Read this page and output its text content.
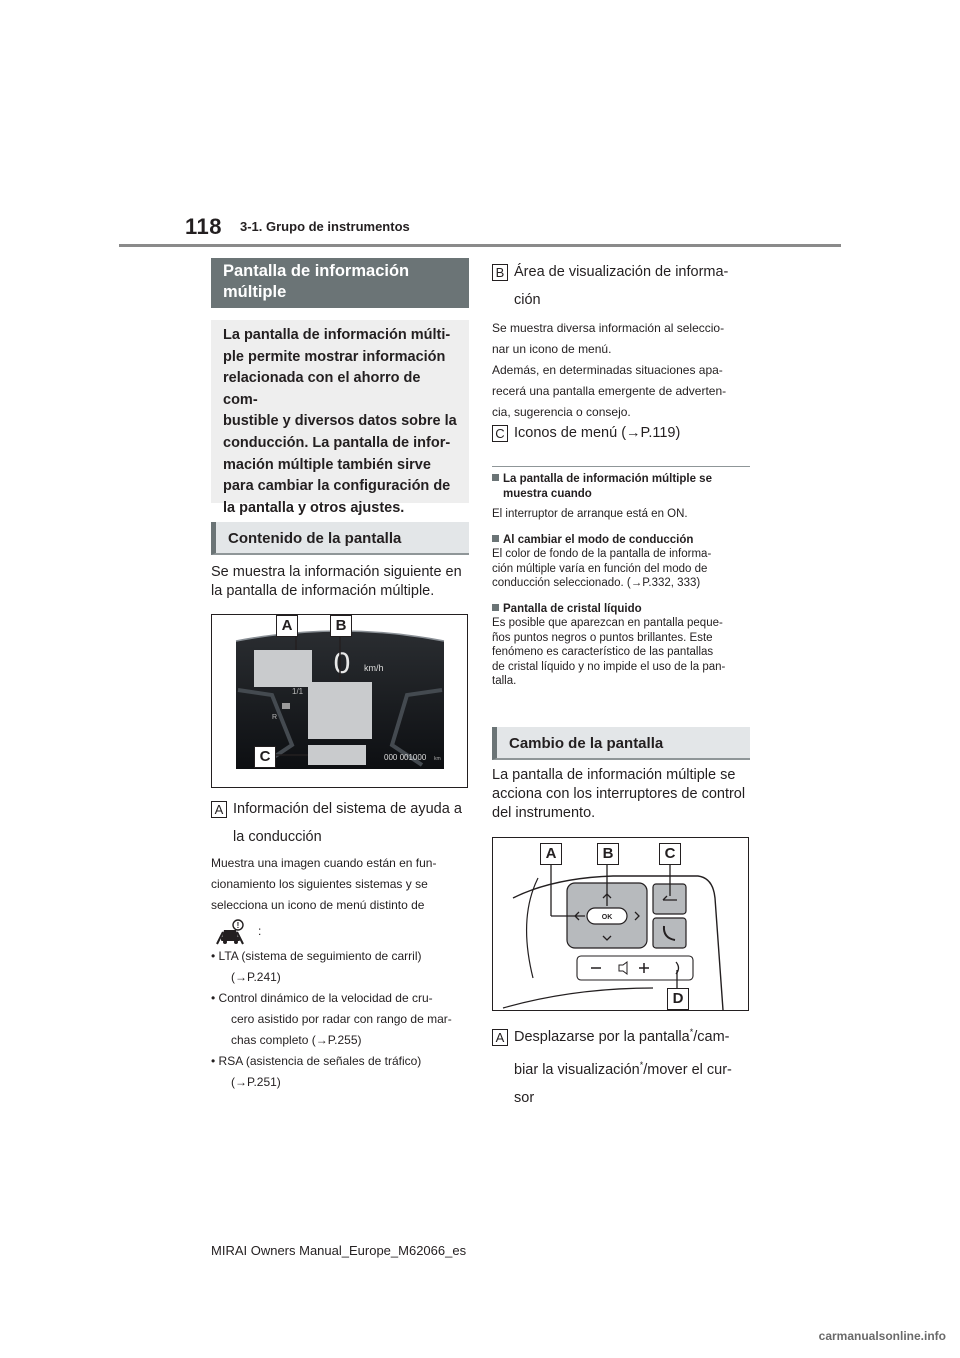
118 3-1. Grupo de instrumentos
Pantalla de información múltiple
La pantalla de información múlti-
ple permite mostrar información
relacionada con el ahorro de com-
bustible y diversos datos sobre la
conducción. La pantalla de infor-
mación múltiple también sirve
para cambiar la configuración de
la pantalla y otros ajustes.
Contenido de la pantalla
Se muestra la información siguiente en
la pantalla de información múltiple.
0 km/h
1/1
R
000 001000 km
A	B
C
A Información del sistema de ayuda a
la conducción
Muestra una imagen cuando están en fun-
cionamiento los siguientes sistemas y se
selecciona un icono de menú distinto de
! :
• LTA (sistema de seguimiento de carril)
(→P.241)
• Control dinámico de la velocidad de cru-
cero asistido por radar con rango de mar-
chas completo (→P.255)
• RSA (asistencia de señales de tráfico)
(→P.251)
B Área de visualización de informa-
ción
Se muestra diversa información al seleccio-
nar un icono de menú.
Además, en determinadas situaciones apa-
recerá una pantalla emergente de adverten-
cia, sugerencia o consejo.
C Iconos de menú (→P.119)
La pantalla de información múltiple se
muestra cuando
El interruptor de arranque está en ON.
Al cambiar el modo de conducción
El color de fondo de la pantalla de informa-
ción múltiple varía en función del modo de
conducción seleccionado. (→P.332, 333)
Pantalla de cristal líquido
Es posible que aparezcan en pantalla peque-
ños puntos negros o puntos brillantes. Este
fenómeno es característico de las pantallas
de cristal líquido y no impide el uso de la pan-
talla.
Cambio de la pantalla
La pantalla de información múltiple se
acciona con los interruptores de control
del instrumento.
OK
A	B	C
D
A Desplazarse por la pantalla*/cam-
biar la visualización*/mover el cur-
sor
MIRAI Owners Manual_Europe_M62066_es
carmanualsonline.info
